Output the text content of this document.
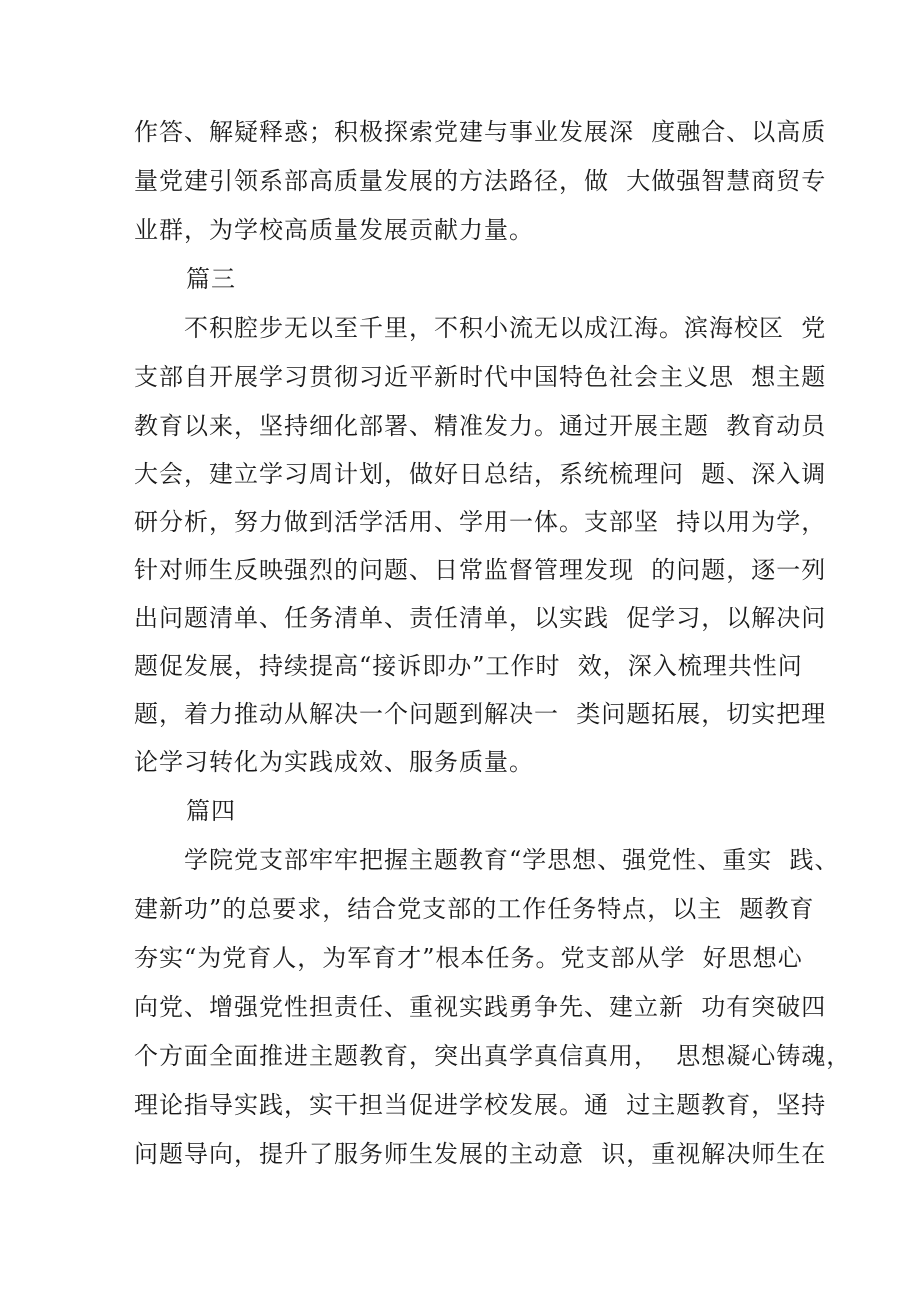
作答、解疑释惑；积极探索党建与事业发展深  度融合、以高质
量党建引领系部高质量发展的方法路径，做  大做强智慧商贸专
业群，为学校高质量发展贡献力量。
篇三
不积腔步无以至千里，不积小流无以成江海。滨海校区  党
支部自开展学习贯彻习近平新时代中国特色社会主义思  想主题
教育以来，坚持细化部署、精准发力。通过开展主题  教育动员
大会，建立学习周计划，做好日总结，系统梳理问  题、深入调
研分析，努力做到活学活用、学用一体。支部坚  持以用为学，
针对师生反映强烈的问题、日常监督管理发现  的问题，逐一列
出问题清单、任务清单、责任清单，以实践  促学习，以解决问
题促发展，持续提高“接诉即办”工作时  效，深入梳理共性问
题，着力推动从解决一个问题到解决一  类问题拓展，切实把理
论学习转化为实践成效、服务质量。
篇四
学院党支部牢牢把握主题教育“学思想、强党性、重实  践、
建新功”的总要求，结合党支部的工作任务特点，以主  题教育
夯实“为党育人，为军育才”根本任务。党支部从学  好思想心
向党、增强党性担责任、重视实践勇争先、建立新  功有突破四
个方面全面推进主题教育，突出真学真信真用，  思想凝心铸魂，
理论指导实践，实干担当促进学校发展。通  过主题教育，坚持
问题导向，提升了服务师生发展的主动意  识，重视解决师生在
